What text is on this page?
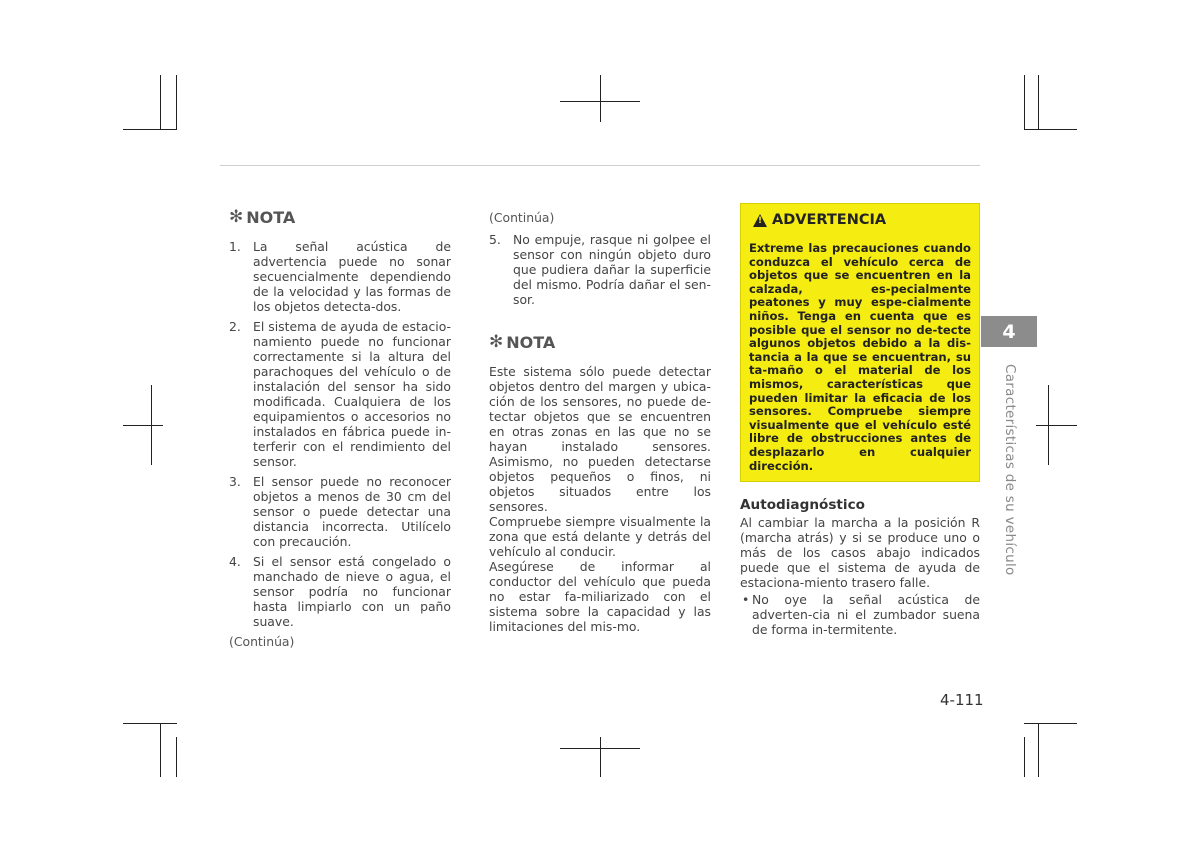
✻ NOTA
1. La señal acústica de advertencia puede no sonar secuencialmente dependiendo de la velocidad y las formas de los objetos detecta-dos.
2. El sistema de ayuda de estacio-namiento puede no funcionar correctamente si la altura del parachoques del vehículo o de instalación del sensor ha sido modificada. Cualquiera de los equipamientos o accesorios no instalados en fábrica puede in-terferir con el rendimiento del sensor.
3. El sensor puede no reconocer objetos a menos de 30 cm del sensor o puede detectar una distancia incorrecta. Utilícelo con precaución.
4. Si el sensor está congelado o manchado de nieve o agua, el sensor podría no funcionar hasta limpiarlo con un paño suave.
(Continúa)
(Continúa)
5. No empuje, rasque ni golpee el sensor con ningún objeto duro que pudiera dañar la superficie del mismo. Podría dañar el sen-sor.
✻ NOTA

Este sistema sólo puede detectar objetos dentro del margen y ubica-ción de los sensores, no puede de-tectar objetos que se encuentren en otras zonas en las que no se hayan instalado sensores. Asimismo, no pueden detectarse objetos pequeños o finos, ni objetos situados entre los sensores.

Compruebe siempre visualmente la zona que está delante y detrás del vehículo al conducir.

Asegúrese de informar al conductor del vehículo que pueda no estar fa-miliarizado con el sistema sobre la capacidad y las limitaciones del mis-mo.

!
ADVERTENCIA

Extreme las precauciones cuando conduzca el vehículo cerca de objetos que se encuentren en la calzada, es-pecialmente peatones y muy espe-cialmente niños. Tenga en cuenta que es posible que el sensor no de-tecte algunos objetos debido a la dis-tancia a la que se encuentran, su ta-maño o el material de los mismos, características que pueden limitar la eficacia de los sensores. Compruebe siempre visualmente que el vehículo esté libre de obstrucciones antes de desplazarlo en cualquier dirección.

Autodiagnóstico

Al cambiar la marcha a la posición R (marcha atrás) y si se produce uno o más de los casos abajo indicados puede que el sistema de ayuda de estaciona-miento trasero falle.

• No oye la señal acústica de adverten-cia ni el zumbador suena de forma in-termitente.
4
Características de su vehículo
4-111
